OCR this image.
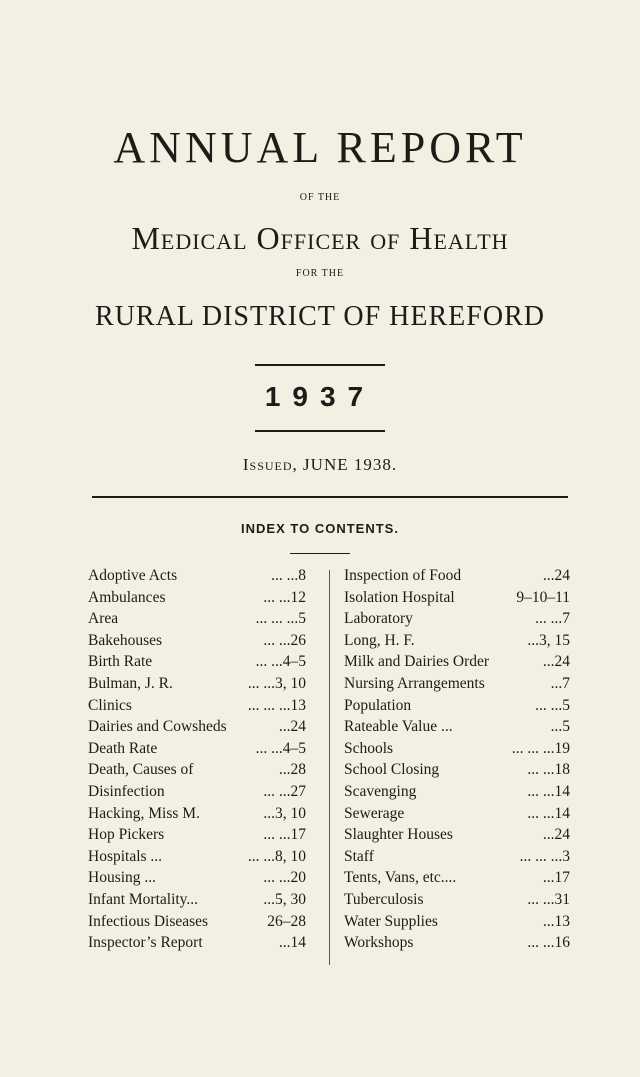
ANNUAL REPORT
OF THE
Medical Officer of Health
FOR THE
RURAL DISTRICT OF HEREFORD
1937
Issued, JUNE 1938.
INDEX TO CONTENTS.
Adoptive Acts	... ... 8
Ambulances	... ... 12
Area	... ... ... 5
Bakehouses	... ... 26
Birth Rate	... ... 4–5
Bulman, J. R.	... ... 3, 10
Clinics	... ... ... 13
Dairies and Cowsheds	... 24
Death Rate	... ... 4–5
Death, Causes of	... 28
Disinfection	... ... 27
Hacking, Miss M.	... 3, 10
Hop Pickers	... ... 17
Hospitals ...	... ... 8, 10
Housing ...	... ... 20
Infant Mortality...	... 5, 30
Infectious Diseases	26–28
Inspector’s Report	... 14
Inspection of Food	... 24
Isolation Hospital	9–10–11
Laboratory	... ... 7
Long, H. F.	... 3, 15
Milk and Dairies Order	... 24
Nursing Arrangements	... 7
Population	... ... 5
Rateable Value ...	... 5
Schools	... ... ... 19
School Closing	... ... 18
Scavenging	... ... 14
Sewerage	... ... 14
Slaughter Houses	... 24
Staff	... ... ... 3
Tents, Vans, etc....	... 17
Tuberculosis	... ... 31
Water Supplies	... 13
Workshops	... ... 16
